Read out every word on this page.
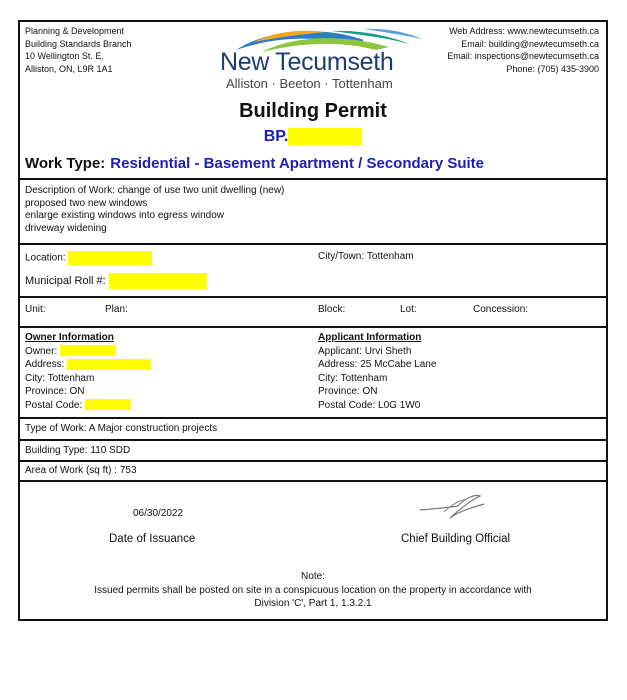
Planning & Development
Building Standards Branch
10 Wellington St. E.
Alliston, ON, L9R 1A1	New Tecumseth
Alliston · Beeton · Tottenham
Web Address: www.newtecumseth.ca
Email: building@newtecumseth.ca
Email: inspections@newtecumseth.ca
Phone: (705) 435-3900
Building Permit
BP.
Work Type: Residential - Basement Apartment / Secondary Suite
Description of Work: change of use two unit dwelling (new)
proposed two new windows
enlarge existing windows into egress window
driveway widening
Location:	City/Town: Tottenham
Municipal Roll #:
Unit:	Plan:	Block:	Lot:	Concession:
Owner Information
Owner:
Address:
City: Tottenham
Province: ON
Postal Code:
Applicant Information
Applicant: Urvi Sheth
Address: 25 McCabe Lane
City: Tottenham
Province: ON
Postal Code: L0G 1W0
Type of Work: A Major construction projects
Building Type: 110 SDD
Area of Work (sq ft) : 753
06/30/2022
Date of Issuance	Chief Building Official
Note:
Issued permits shall be posted on site in a conspicuous location on the property in accordance with
Division 'C', Part 1, 1.3.2.1
